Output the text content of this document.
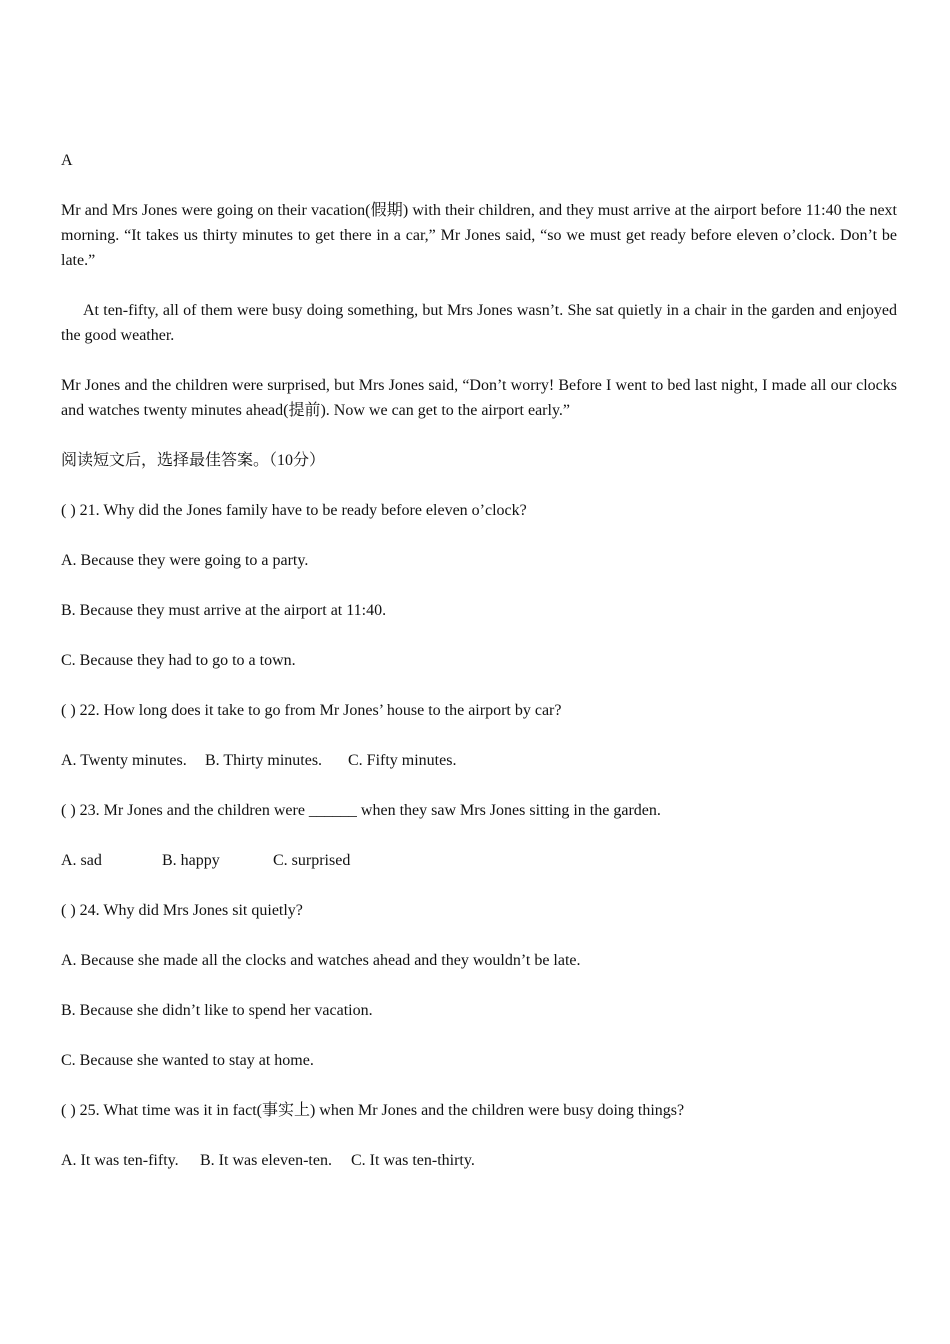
A

Mr and Mrs Jones were going on their vacation(假期) with their children, and they must arrive at the airport before 11:40 the next morning. “It takes us thirty minutes to get there in a car,” Mr Jones said, “so we must get ready before eleven o’clock. Don’t be late.”

At ten-fifty, all of them were busy doing something, but Mrs Jones wasn’t. She sat quietly in a chair in the garden and enjoyed the good weather.

Mr Jones and the children were surprised, but Mrs Jones said, “Don’t worry! Before I went to bed last night, I made all our clocks and watches twenty minutes ahead(提前). Now we can get to the airport early.”

阅读短文后，选择最佳答案。（10分）

( ) 21. Why did the Jones family have to be ready before eleven o’clock?

A. Because they were going to a party.

B. Because they must arrive at the airport at 11:40.

C. Because they had to go to a town.

( ) 22. How long does it take to go from Mr Jones’ house to the airport by car?

A. Twenty minutes. B. Thirty minutes. C. Fifty minutes.

( ) 23. Mr Jones and the children were ______ when they saw Mrs Jones sitting in the garden.

A. sad	B. happy	C. surprised

( ) 24. Why did Mrs Jones sit quietly?

A. Because she made all the clocks and watches ahead and they wouldn’t be late.

B. Because she didn’t like to spend her vacation.

C. Because she wanted to stay at home.

( ) 25. What time was it in fact(事实上) when Mr Jones and the children were busy doing things?

A. It was ten-fifty. B. It was eleven-ten. C. It was ten-thirty.
